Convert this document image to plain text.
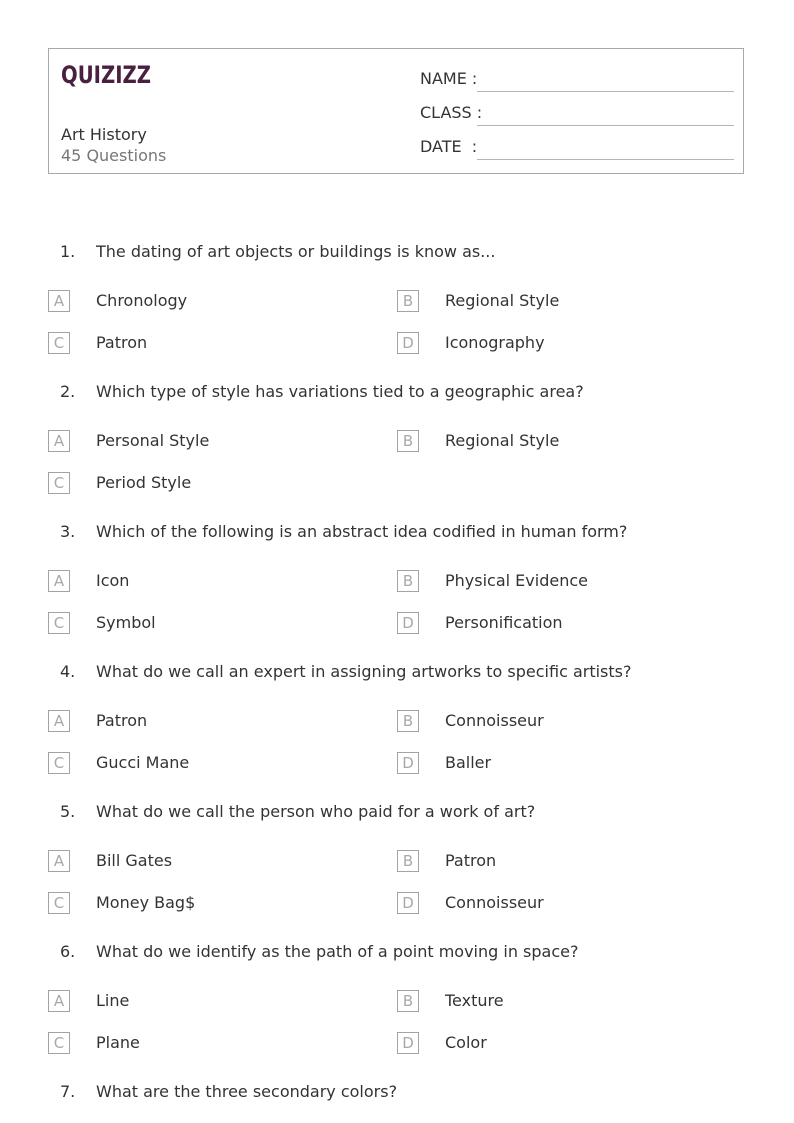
QUIZIZZ
Art History
45 Questions
NAME :
CLASS :
DATE  :
1. The dating of art objects or buildings is know as...
A	Chronology	B	Regional Style
C	Patron	D	Iconography
2. Which type of style has variations tied to a geographic area?
A	Personal Style	B	Regional Style
C	Period Style
3. Which of the following is an abstract idea codified in human form?
A	Icon	B	Physical Evidence
C	Symbol	D	Personification
4. What do we call an expert in assigning artworks to specific artists?
A	Patron	B	Connoisseur
C	Gucci Mane	D	Baller
5. What do we call the person who paid for a work of art?
A	Bill Gates	B	Patron
C	Money Bag$	D	Connoisseur
6. What do we identify as the path of a point moving in space?
A	Line	B	Texture
C	Plane	D	Color
7. What are the three secondary colors?
